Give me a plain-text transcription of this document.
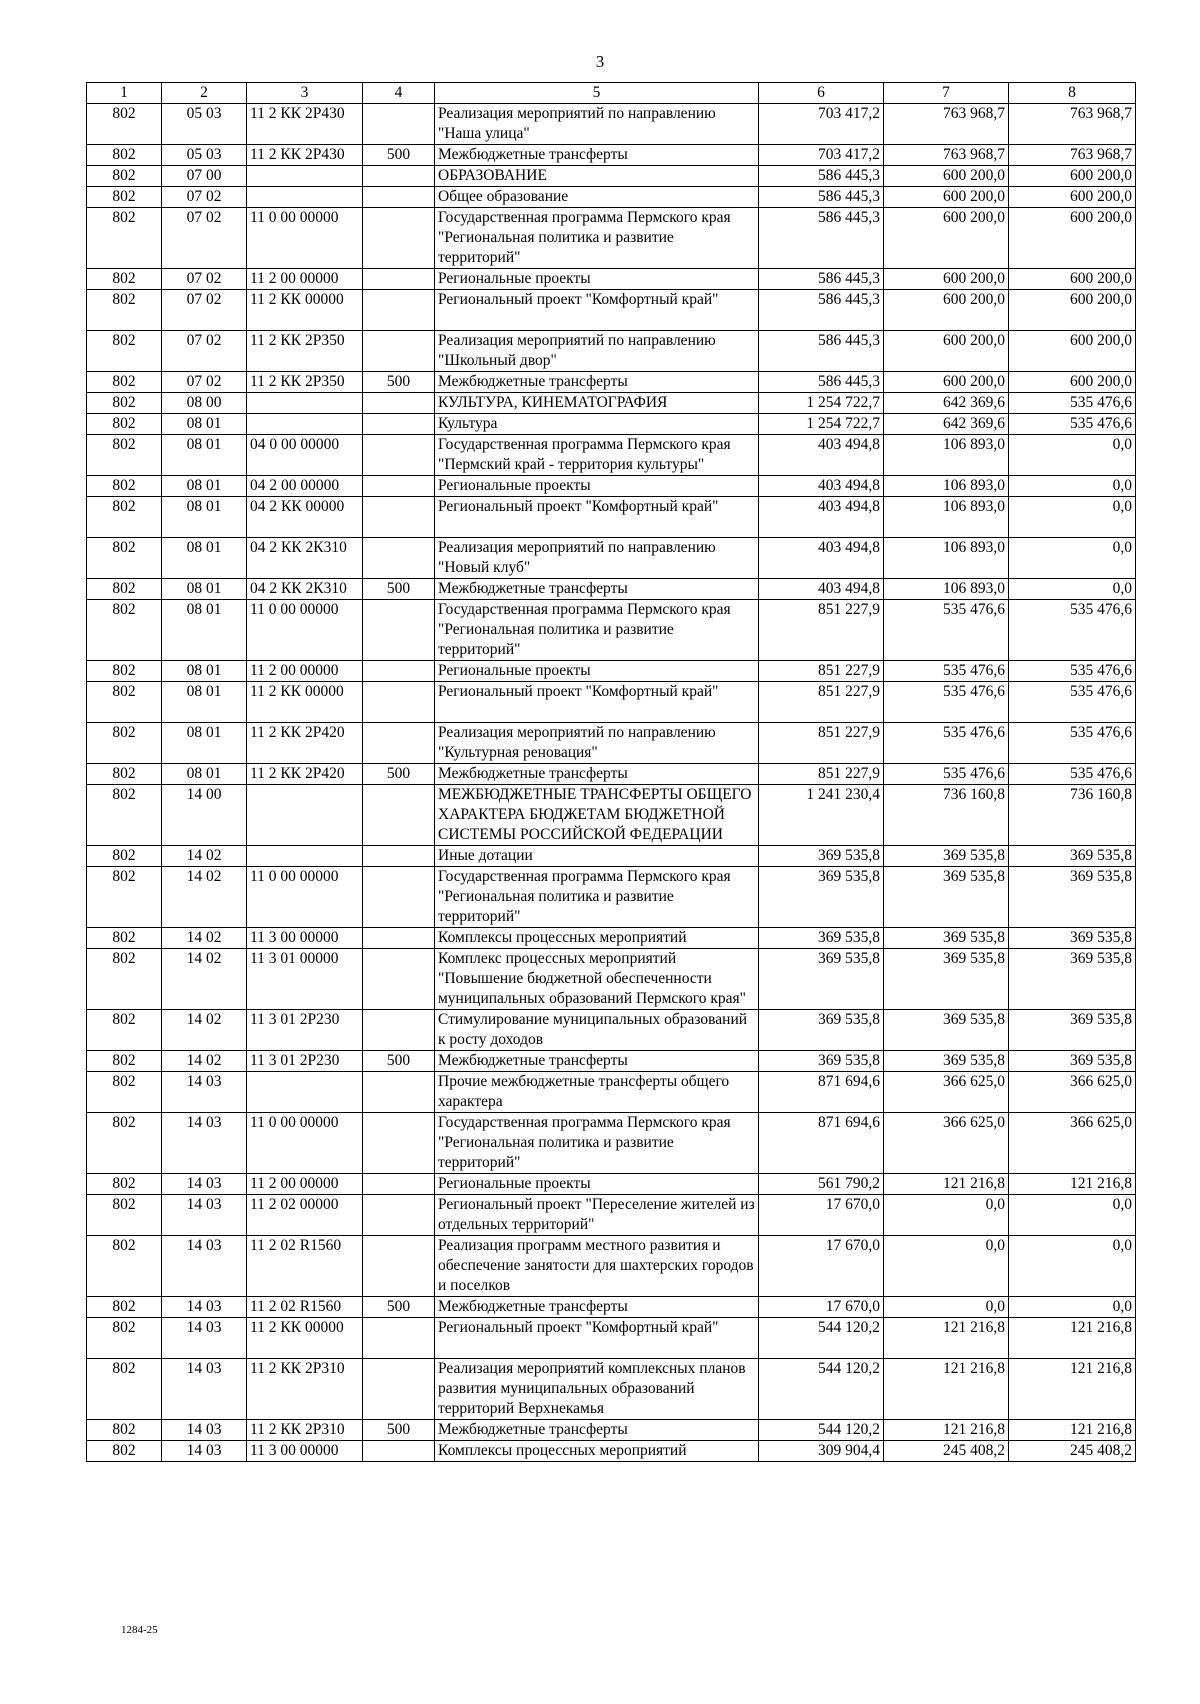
3
1	2	3	4	5	6	7	8
802	05 03	11 2 КК 2Р430		Реализация мероприятий по направлению "Наша улица"	703 417,2	763 968,7	763 968,7
802	05 03	11 2 КК 2Р430	500	Межбюджетные трансферты	703 417,2	763 968,7	763 968,7
802	07 00			ОБРАЗОВАНИЕ	586 445,3	600 200,0	600 200,0
802	07 02			Общее образование	586 445,3	600 200,0	600 200,0
802	07 02	11 0 00 00000		Государственная программа Пермского края "Региональная политика и развитие территорий"	586 445,3	600 200,0	600 200,0
802	07 02	11 2 00 00000		Региональные проекты	586 445,3	600 200,0	600 200,0
802	07 02	11 2 КК 00000		Региональный проект "Комфортный край"	586 445,3	600 200,0	600 200,0
802	07 02	11 2 КК 2Р350		Реализация мероприятий по направлению "Школьный двор"	586 445,3	600 200,0	600 200,0
802	07 02	11 2 КК 2Р350	500	Межбюджетные трансферты	586 445,3	600 200,0	600 200,0
802	08 00			КУЛЬТУРА, КИНЕМАТОГРАФИЯ	1 254 722,7	642 369,6	535 476,6
802	08 01			Культура	1 254 722,7	642 369,6	535 476,6
802	08 01	04 0 00 00000		Государственная программа Пермского края "Пермский край - территория культуры"	403 494,8	106 893,0	0,0
802	08 01	04 2 00 00000		Региональные проекты	403 494,8	106 893,0	0,0
802	08 01	04 2 КК 00000		Региональный проект "Комфортный край"	403 494,8	106 893,0	0,0
802	08 01	04 2 КК 2К310		Реализация мероприятий по направлению "Новый клуб"	403 494,8	106 893,0	0,0
802	08 01	04 2 КК 2К310	500	Межбюджетные трансферты	403 494,8	106 893,0	0,0
802	08 01	11 0 00 00000		Государственная программа Пермского края "Региональная политика и развитие территорий"	851 227,9	535 476,6	535 476,6
802	08 01	11 2 00 00000		Региональные проекты	851 227,9	535 476,6	535 476,6
802	08 01	11 2 КК 00000		Региональный проект "Комфортный край"	851 227,9	535 476,6	535 476,6
802	08 01	11 2 КК 2Р420		Реализация мероприятий по направлению "Культурная реновация"	851 227,9	535 476,6	535 476,6
802	08 01	11 2 КК 2Р420	500	Межбюджетные трансферты	851 227,9	535 476,6	535 476,6
802	14 00			МЕЖБЮДЖЕТНЫЕ ТРАНСФЕРТЫ ОБЩЕГО ХАРАКТЕРА БЮДЖЕТАМ БЮДЖЕТНОЙ СИСТЕМЫ РОССИЙСКОЙ ФЕДЕРАЦИИ	1 241 230,4	736 160,8	736 160,8
802	14 02			Иные дотации	369 535,8	369 535,8	369 535,8
802	14 02	11 0 00 00000		Государственная программа Пермского края "Региональная политика и развитие территорий"	369 535,8	369 535,8	369 535,8
802	14 02	11 3 00 00000		Комплексы процессных мероприятий	369 535,8	369 535,8	369 535,8
802	14 02	11 3 01 00000		Комплекс процессных мероприятий "Повышение бюджетной обеспеченности муниципальных образований Пермского края"	369 535,8	369 535,8	369 535,8
802	14 02	11 3 01 2Р230		Стимулирование муниципальных образований к росту доходов	369 535,8	369 535,8	369 535,8
802	14 02	11 3 01 2Р230	500	Межбюджетные трансферты	369 535,8	369 535,8	369 535,8
802	14 03			Прочие межбюджетные трансферты общего характера	871 694,6	366 625,0	366 625,0
802	14 03	11 0 00 00000		Государственная программа Пермского края "Региональная политика и развитие территорий"	871 694,6	366 625,0	366 625,0
802	14 03	11 2 00 00000		Региональные проекты	561 790,2	121 216,8	121 216,8
802	14 03	11 2 02 00000		Региональный проект "Переселение жителей из отдельных территорий"	17 670,0	0,0	0,0
802	14 03	11 2 02 R1560		Реализация программ местного развития и обеспечение занятости для шахтерских городов и поселков	17 670,0	0,0	0,0
802	14 03	11 2 02 R1560	500	Межбюджетные трансферты	17 670,0	0,0	0,0
802	14 03	11 2 КК 00000		Региональный проект "Комфортный край"	544 120,2	121 216,8	121 216,8
802	14 03	11 2 КК 2Р310		Реализация мероприятий комплексных планов развития муниципальных образований территорий Верхнекамья	544 120,2	121 216,8	121 216,8
802	14 03	11 2 КК 2Р310	500	Межбюджетные трансферты	544 120,2	121 216,8	121 216,8
802	14 03	11 3 00 00000		Комплексы процессных мероприятий	309 904,4	245 408,2	245 408,2
1284-25
